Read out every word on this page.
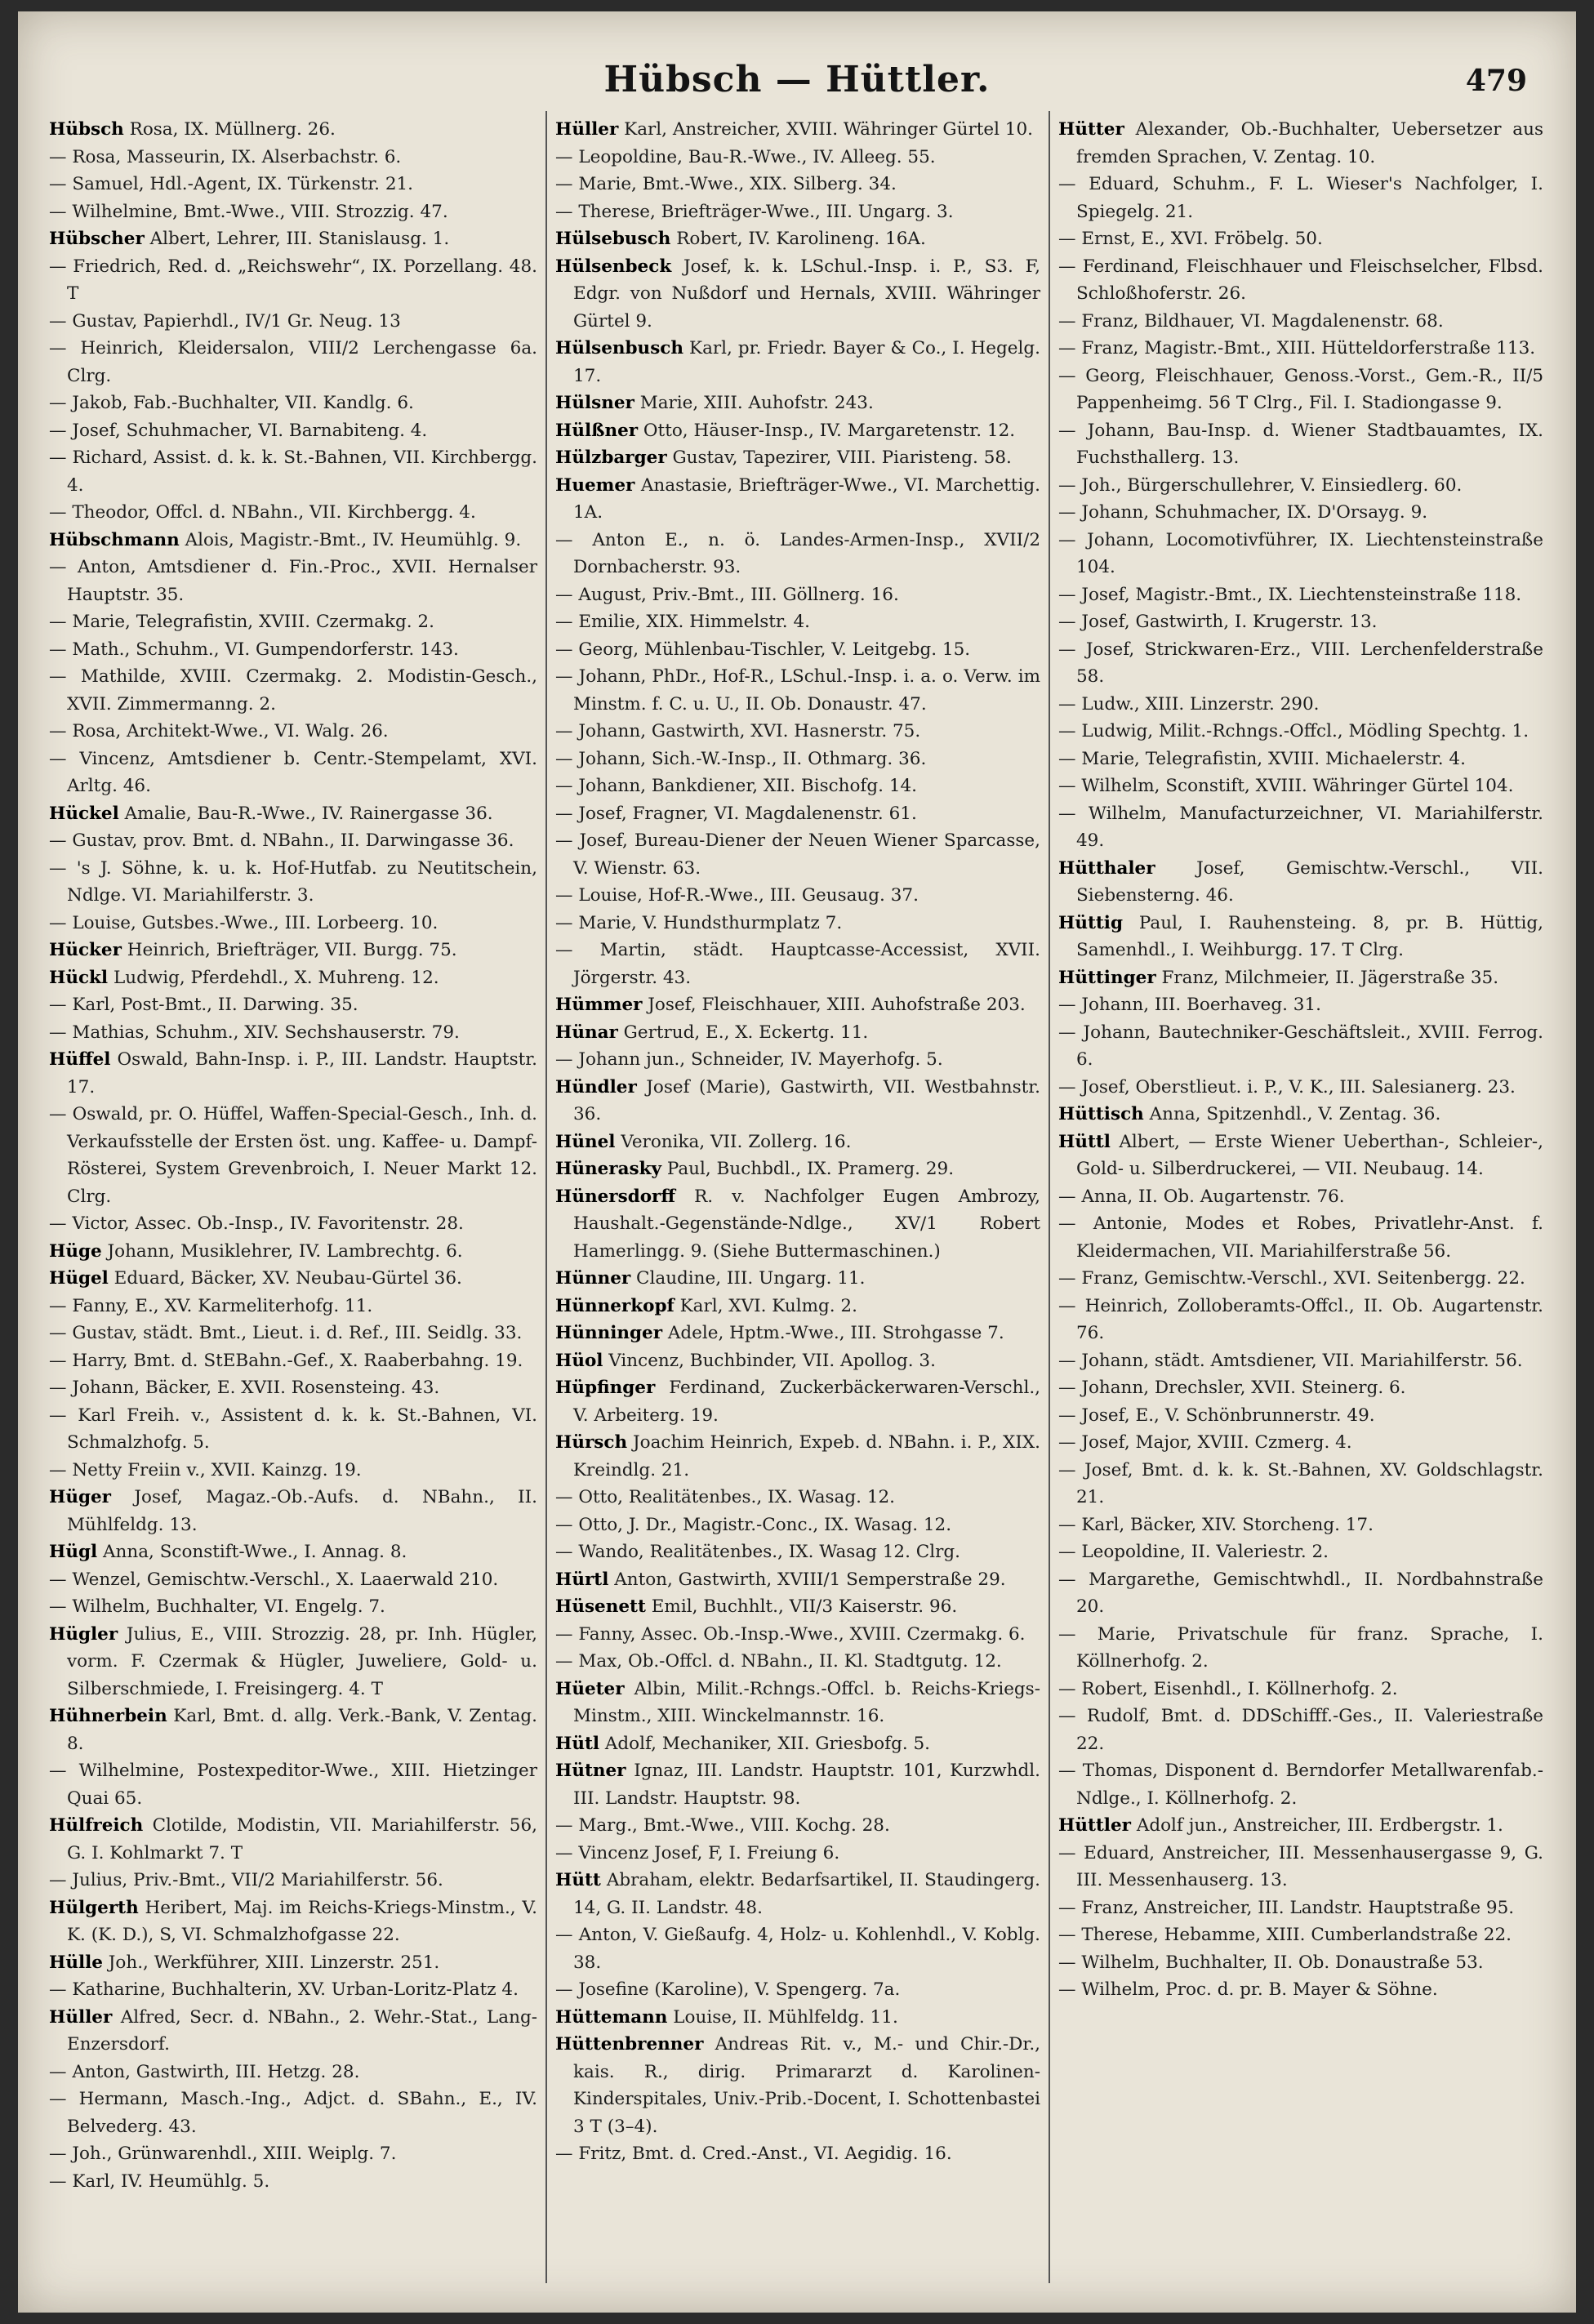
Hübsch — Hüttler.	479

Hübsch Rosa, IX. Müllnerg. 26.

— Rosa, Masseurin, IX. Alserbachstr. 6.

— Samuel, Hdl.-Agent, IX. Türkenstr. 21.

— Wilhelmine, Bmt.-Wwe., VIII. Strozzig. 47.

Hübscher Albert, Lehrer, III. Stanislausg. 1.

— Friedrich, Red. d. „Reichswehr“, IX. Porzellang. 48. T

— Gustav, Papierhdl., IV/1 Gr. Neug. 13

— Heinrich, Kleidersalon, VIII/2 Lerchengasse 6a. Clrg.

— Jakob, Fab.-Buchhalter, VII. Kandlg. 6.

— Josef, Schuhmacher, VI. Barnabiteng. 4.

— Richard, Assist. d. k. k. St.-Bahnen, VII. Kirchbergg. 4.

— Theodor, Offcl. d. NBahn., VII. Kirchbergg. 4.

Hübschmann Alois, Magistr.-Bmt., IV. Heumühlg. 9.

— Anton, Amtsdiener d. Fin.-Proc., XVII. Hernalser Hauptstr. 35.

— Marie, Telegrafistin, XVIII. Czermakg. 2.

— Math., Schuhm., VI. Gumpendorferstr. 143.

— Mathilde, XVIII. Czermakg. 2. Modistin-Gesch., XVII. Zimmermanng. 2.

— Rosa, Architekt-Wwe., VI. Walg. 26.

— Vincenz, Amtsdiener b. Centr.-Stempelamt, XVI. Arltg. 46.

Hückel Amalie, Bau-R.-Wwe., IV. Rainergasse 36.

— Gustav, prov. Bmt. d. NBahn., II. Darwingasse 36.

— 's J. Söhne, k. u. k. Hof-Hutfab. zu Neutitschein, Ndlge. VI. Mariahilferstr. 3.

— Louise, Gutsbes.-Wwe., III. Lorbeerg. 10.

Hücker Heinrich, Briefträger, VII. Burgg. 75.

Hückl Ludwig, Pferdehdl., X. Muhreng. 12.

— Karl, Post-Bmt., II. Darwing. 35.

— Mathias, Schuhm., XIV. Sechshauserstr. 79.

Hüffel Oswald, Bahn-Insp. i. P., III. Landstr. Hauptstr. 17.

— Oswald, pr. O. Hüffel, Waffen-Special-Gesch., Inh. d. Verkaufsstelle der Ersten öst. ung. Kaffee- u. Dampf-Rösterei, System Grevenbroich, I. Neuer Markt 12. Clrg.

— Victor, Assec. Ob.-Insp., IV. Favoritenstr. 28.

Hüge Johann, Musiklehrer, IV. Lambrechtg. 6.

Hügel Eduard, Bäcker, XV. Neubau-Gürtel 36.

— Fanny, E., XV. Karmeliterhofg. 11.

— Gustav, städt. Bmt., Lieut. i. d. Ref., III. Seidlg. 33.

— Harry, Bmt. d. StEBahn.-Gef., X. Raaberbahng. 19.

— Johann, Bäcker, E. XVII. Rosensteing. 43.

— Karl Freih. v., Assistent d. k. k. St.-Bahnen, VI. Schmalzhofg. 5.

— Netty Freiin v., XVII. Kainzg. 19.

Hüger Josef, Magaz.-Ob.-Aufs. d. NBahn., II. Mühlfeldg. 13.

Hügl Anna, Sconstift-Wwe., I. Annag. 8.

— Wenzel, Gemischtw.-Verschl., X. Laaerwald 210.

— Wilhelm, Buchhalter, VI. Engelg. 7.

Hügler Julius, E., VIII. Strozzig. 28, pr. Inh. Hügler, vorm. F. Czermak & Hügler, Juweliere, Gold- u. Silberschmiede, I. Freisingerg. 4. T

Hühnerbein Karl, Bmt. d. allg. Verk.-Bank, V. Zentag. 8.

— Wilhelmine, Postexpeditor-Wwe., XIII. Hietzinger Quai 65.

Hülfreich Clotilde, Modistin, VII. Mariahilferstr. 56, G. I. Kohlmarkt 7. T

— Julius, Priv.-Bmt., VII/2 Mariahilferstr. 56.

Hülgerth Heribert, Maj. im Reichs-Kriegs-Minstm., V. K. (K. D.), S, VI. Schmalzhofgasse 22.

Hülle Joh., Werkführer, XIII. Linzerstr. 251.

— Katharine, Buchhalterin, XV. Urban-Loritz-Platz 4.

Hüller Alfred, Secr. d. NBahn., 2. Wehr.-Stat., Lang-Enzersdorf.

— Anton, Gastwirth, III. Hetzg. 28.

— Hermann, Masch.-Ing., Adjct. d. SBahn., E., IV. Belvederg. 43.

— Joh., Grünwarenhdl., XIII. Weiplg. 7.

— Karl, IV. Heumühlg. 5.

Hüller Karl, Anstreicher, XVIII. Währinger Gürtel 10.

— Leopoldine, Bau-R.-Wwe., IV. Alleeg. 55.

— Marie, Bmt.-Wwe., XIX. Silberg. 34.

— Therese, Briefträger-Wwe., III. Ungarg. 3.

Hülsebusch Robert, IV. Karolineng. 16A.

Hülsenbeck Josef, k. k. LSchul.-Insp. i. P., S3. F, Edgr. von Nußdorf und Hernals, XVIII. Währinger Gürtel 9.

Hülsenbusch Karl, pr. Friedr. Bayer & Co., I. Hegelg. 17.

Hülsner Marie, XIII. Auhofstr. 243.

Hülßner Otto, Häuser-Insp., IV. Margaretenstr. 12.

Hülzbarger Gustav, Tapezirer, VIII. Piaristeng. 58.

Huemer Anastasie, Briefträger-Wwe., VI. Marchettig. 1A.

— Anton E., n. ö. Landes-Armen-Insp., XVII/2 Dornbacherstr. 93.

— August, Priv.-Bmt., III. Göllnerg. 16.

— Emilie, XIX. Himmelstr. 4.

— Georg, Mühlenbau-Tischler, V. Leitgebg. 15.

— Johann, PhDr., Hof-R., LSchul.-Insp. i. a. o. Verw. im Minstm. f. C. u. U., II. Ob. Donaustr. 47.

— Johann, Gastwirth, XVI. Hasnerstr. 75.

— Johann, Sich.-W.-Insp., II. Othmarg. 36.

— Johann, Bankdiener, XII. Bischofg. 14.

— Josef, Fragner, VI. Magdalenenstr. 61.

— Josef, Bureau-Diener der Neuen Wiener Sparcasse, V. Wienstr. 63.

— Louise, Hof-R.-Wwe., III. Geusaug. 37.

— Marie, V. Hundsthurmplatz 7.

— Martin, städt. Hauptcasse-Accessist, XVII. Jörgerstr. 43.

Hümmer Josef, Fleischhauer, XIII. Auhofstraße 203.

Hünar Gertrud, E., X. Eckertg. 11.

— Johann jun., Schneider, IV. Mayerhofg. 5.

Hündler Josef (Marie), Gastwirth, VII. Westbahnstr. 36.

Hünel Veronika, VII. Zollerg. 16.

Hünerasky Paul, Buchbdl., IX. Pramerg. 29.

Hünersdorff R. v. Nachfolger Eugen Ambrozy, Haushalt.-Gegenstände-Ndlge., XV/1 Robert Hamerlingg. 9. (Siehe Buttermaschinen.)

Hünner Claudine, III. Ungarg. 11.

Hünnerkopf Karl, XVI. Kulmg. 2.

Hünninger Adele, Hptm.-Wwe., III. Strohgasse 7.

Hüol Vincenz, Buchbinder, VII. Apollog. 3.

Hüpfinger Ferdinand, Zuckerbäckerwaren-Verschl., V. Arbeiterg. 19.

Hürsch Joachim Heinrich, Expeb. d. NBahn. i. P., XIX. Kreindlg. 21.

— Otto, Realitätenbes., IX. Wasag. 12.

— Otto, J. Dr., Magistr.-Conc., IX. Wasag. 12.

— Wando, Realitätenbes., IX. Wasag 12. Clrg.

Hürtl Anton, Gastwirth, XVIII/1 Semperstraße 29.

Hüsenett Emil, Buchhlt., VII/3 Kaiserstr. 96.

— Fanny, Assec. Ob.-Insp.-Wwe., XVIII. Czermakg. 6.

— Max, Ob.-Offcl. d. NBahn., II. Kl. Stadtgutg. 12.

Hüeter Albin, Milit.-Rchngs.-Offcl. b. Reichs-Kriegs-Minstm., XIII. Winckelmannstr. 16.

Hütl Adolf, Mechaniker, XII. Griesbofg. 5.

Hütner Ignaz, III. Landstr. Hauptstr. 101, Kurzwhdl. III. Landstr. Hauptstr. 98.

— Marg., Bmt.-Wwe., VIII. Kochg. 28.

— Vincenz Josef, F, I. Freiung 6.

Hütt Abraham, elektr. Bedarfsartikel, II. Staudingerg. 14, G. II. Landstr. 48.

— Anton, V. Gießaufg. 4, Holz- u. Kohlenhdl., V. Koblg. 38.

— Josefine (Karoline), V. Spengerg. 7a.

Hüttemann Louise, II. Mühlfeldg. 11.

Hüttenbrenner Andreas Rit. v., M.- und Chir.-Dr., kais. R., dirig. Primararzt d. Karolinen-Kinderspitales, Univ.-Prib.-Docent, I. Schottenbastei 3 T (3–4).

— Fritz, Bmt. d. Cred.-Anst., VI. Aegidig. 16.

Hütter Alexander, Ob.-Buchhalter, Uebersetzer aus fremden Sprachen, V. Zentag. 10.

— Eduard, Schuhm., F. L. Wieser's Nachfolger, I. Spiegelg. 21.

— Ernst, E., XVI. Fröbelg. 50.

— Ferdinand, Fleischhauer und Fleischselcher, Flbsd. Schloßhoferstr. 26.

— Franz, Bildhauer, VI. Magdalenenstr. 68.

— Franz, Magistr.-Bmt., XIII. Hütteldorferstraße 113.

— Georg, Fleischhauer, Genoss.-Vorst., Gem.-R., II/5 Pappenheimg. 56 T Clrg., Fil. I. Stadiongasse 9.

— Johann, Bau-Insp. d. Wiener Stadtbauamtes, IX. Fuchsthallerg. 13.

— Joh., Bürgerschullehrer, V. Einsiedlerg. 60.

— Johann, Schuhmacher, IX. D'Orsayg. 9.

— Johann, Locomotivführer, IX. Liechtensteinstraße 104.

— Josef, Magistr.-Bmt., IX. Liechtensteinstraße 118.

— Josef, Gastwirth, I. Krugerstr. 13.

— Josef, Strickwaren-Erz., VIII. Lerchenfelderstraße 58.

— Ludw., XIII. Linzerstr. 290.

— Ludwig, Milit.-Rchngs.-Offcl., Mödling Spechtg. 1.

— Marie, Telegrafistin, XVIII. Michaelerstr. 4.

— Wilhelm, Sconstift, XVIII. Währinger Gürtel 104.

— Wilhelm, Manufacturzeichner, VI. Mariahilferstr. 49.

Hütthaler Josef, Gemischtw.-Verschl., VII. Siebensterng. 46.

Hüttig Paul, I. Rauhensteing. 8, pr. B. Hüttig, Samenhdl., I. Weihburgg. 17. T Clrg.

Hüttinger Franz, Milchmeier, II. Jägerstraße 35.

— Johann, III. Boerhaveg. 31.

— Johann, Bautechniker-Geschäftsleit., XVIII. Ferrog. 6.

— Josef, Oberstlieut. i. P., V. K., III. Salesianerg. 23.

Hüttisch Anna, Spitzenhdl., V. Zentag. 36.

Hüttl Albert, — Erste Wiener Ueberthan-, Schleier-, Gold- u. Silberdruckerei, — VII. Neubaug. 14.

— Anna, II. Ob. Augartenstr. 76.

— Antonie, Modes et Robes, Privatlehr-Anst. f. Kleidermachen, VII. Mariahilferstraße 56.

— Franz, Gemischtw.-Verschl., XVI. Seitenbergg. 22.

— Heinrich, Zolloberamts-Offcl., II. Ob. Augartenstr. 76.

— Johann, städt. Amtsdiener, VII. Mariahilferstr. 56.

— Johann, Drechsler, XVII. Steinerg. 6.

— Josef, E., V. Schönbrunnerstr. 49.

— Josef, Major, XVIII. Czmerg. 4.

— Josef, Bmt. d. k. k. St.-Bahnen, XV. Goldschlagstr. 21.

— Karl, Bäcker, XIV. Storcheng. 17.

— Leopoldine, II. Valeriestr. 2.

— Margarethe, Gemischtwhdl., II. Nordbahnstraße 20.

— Marie, Privatschule für franz. Sprache, I. Köllnerhofg. 2.

— Robert, Eisenhdl., I. Köllnerhofg. 2.

— Rudolf, Bmt. d. DDSchifff.-Ges., II. Valeriestraße 22.

— Thomas, Disponent d. Berndorfer Metallwarenfab.-Ndlge., I. Köllnerhofg. 2.

Hüttler Adolf jun., Anstreicher, III. Erdbergstr. 1.

— Eduard, Anstreicher, III. Messenhausergasse 9, G. III. Messenhauserg. 13.

— Franz, Anstreicher, III. Landstr. Hauptstraße 95.

— Therese, Hebamme, XIII. Cumberlandstraße 22.

— Wilhelm, Buchhalter, II. Ob. Donaustraße 53.

— Wilhelm, Proc. d. pr. B. Mayer & Söhne.
